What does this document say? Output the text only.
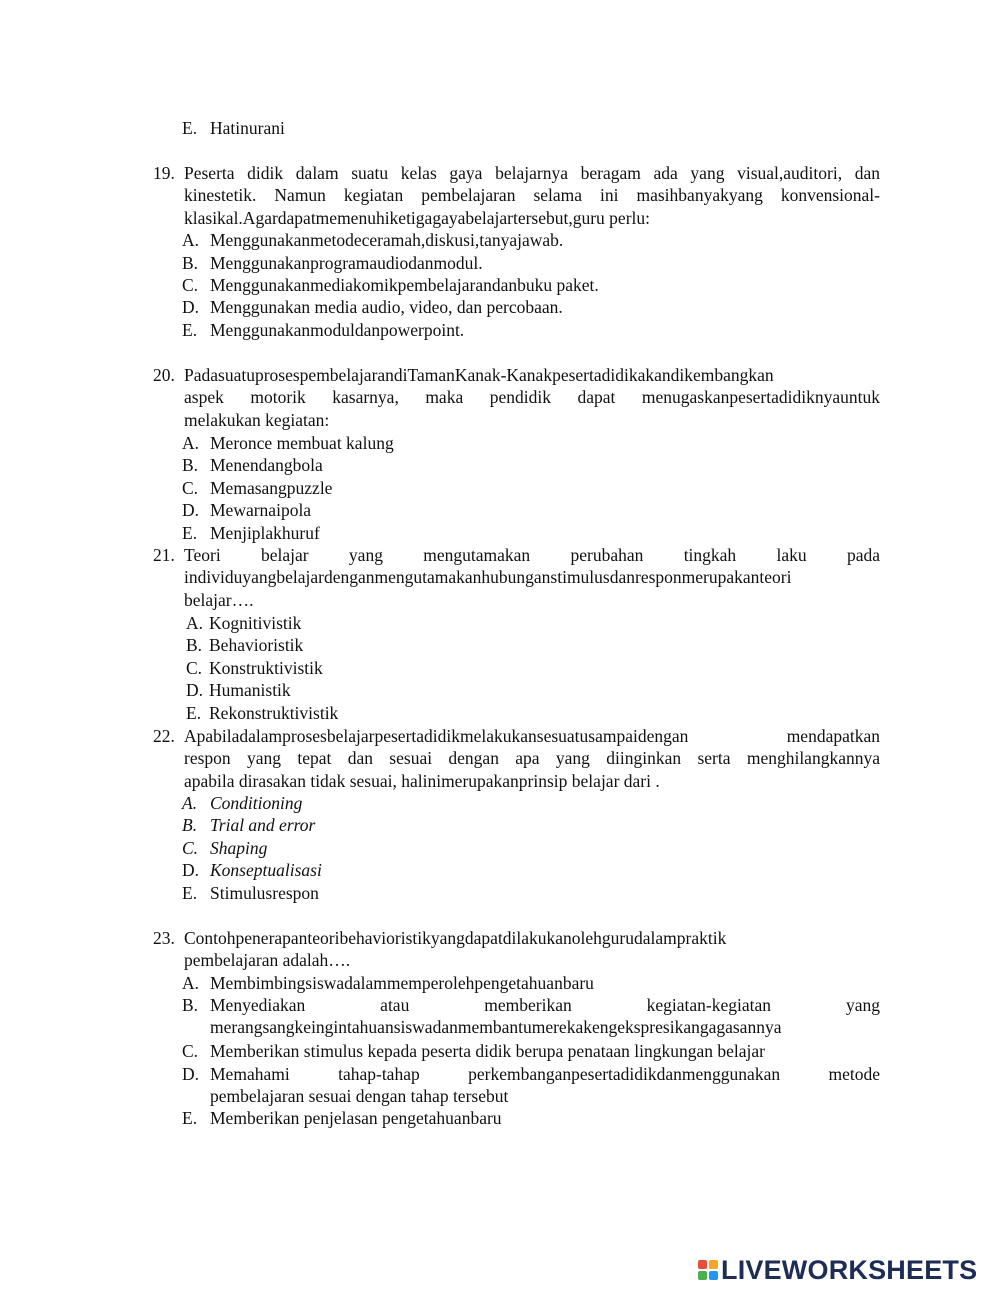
E. Hatinurani
19. Peserta didik dalam suatu kelas gaya belajarnya beragam ada yang visual,auditori, dan
kinestetik. Namun kegiatan pembelajaran selama ini masihbanyakyang konvensional-
klasikal.Agardapatmemenuhiketigagayabelajartersebut,guru perlu:
A. Menggunakanmetodeceramah,diskusi,tanyajawab.
B. Menggunakanprogramaudiodanmodul.
C. Menggunakanmediakomikpembelajarandanbuku paket.
D. Menggunakan media audio, video, dan percobaan.
E. Menggunakanmoduldanpowerpoint.
20. PadasuatuprosespembelajarandiTamanKanak-Kanakpesertadidikakandikembangkan
aspek motorik kasarnya, maka pendidik dapat menugaskanpesertadidiknyauntuk
melakukan kegiatan:
A. Meronce membuat kalung
B. Menendangbola
C. Memasangpuzzle
D. Mewarnaipola
E. Menjiplakhuruf
21. Teori belajar yang mengutamakan perubahan tingkah laku pada
individuyangbelajardenganmengutamakanhubunganstimulusdanresponmerupakanteori
belajar….
A. Kognitivistik
B. Behavioristik
C. Konstruktivistik
D. Humanistik
E. Rekonstruktivistik
22. Apabiladalamprosesbelajarpesertadidikmelakukansesuatusampaidengan mendapatkan
respon yang tepat dan sesuai dengan apa yang diinginkan serta menghilangkannya
apabila dirasakan tidak sesuai, halinimerupakanprinsip belajar dari .
A. Conditioning
B. Trial and error
C. Shaping
D. Konseptualisasi
E. Stimulusrespon
23. Contohpenerapanteoribehavioristikyangdapatdilakukanolehgurudalampraktik
pembelajaran adalah….
A. Membimbingsiswadalammemperolehpengetahuanbaru
B. Menyediakan atau memberikan kegiatan-kegiatan yang
merangsangkeingintahuansiswadanmembantumerekakengekspresikangagasannya
C. Memberikan stimulus kepada peserta didik berupa penataan lingkungan belajar
D. Memahami tahap-tahap perkembanganpesertadidikdanmenggunakan metode
pembelajaran sesuai dengan tahap tersebut
E. Memberikan penjelasan pengetahuanbaru
LIVEWORKSHEETS
